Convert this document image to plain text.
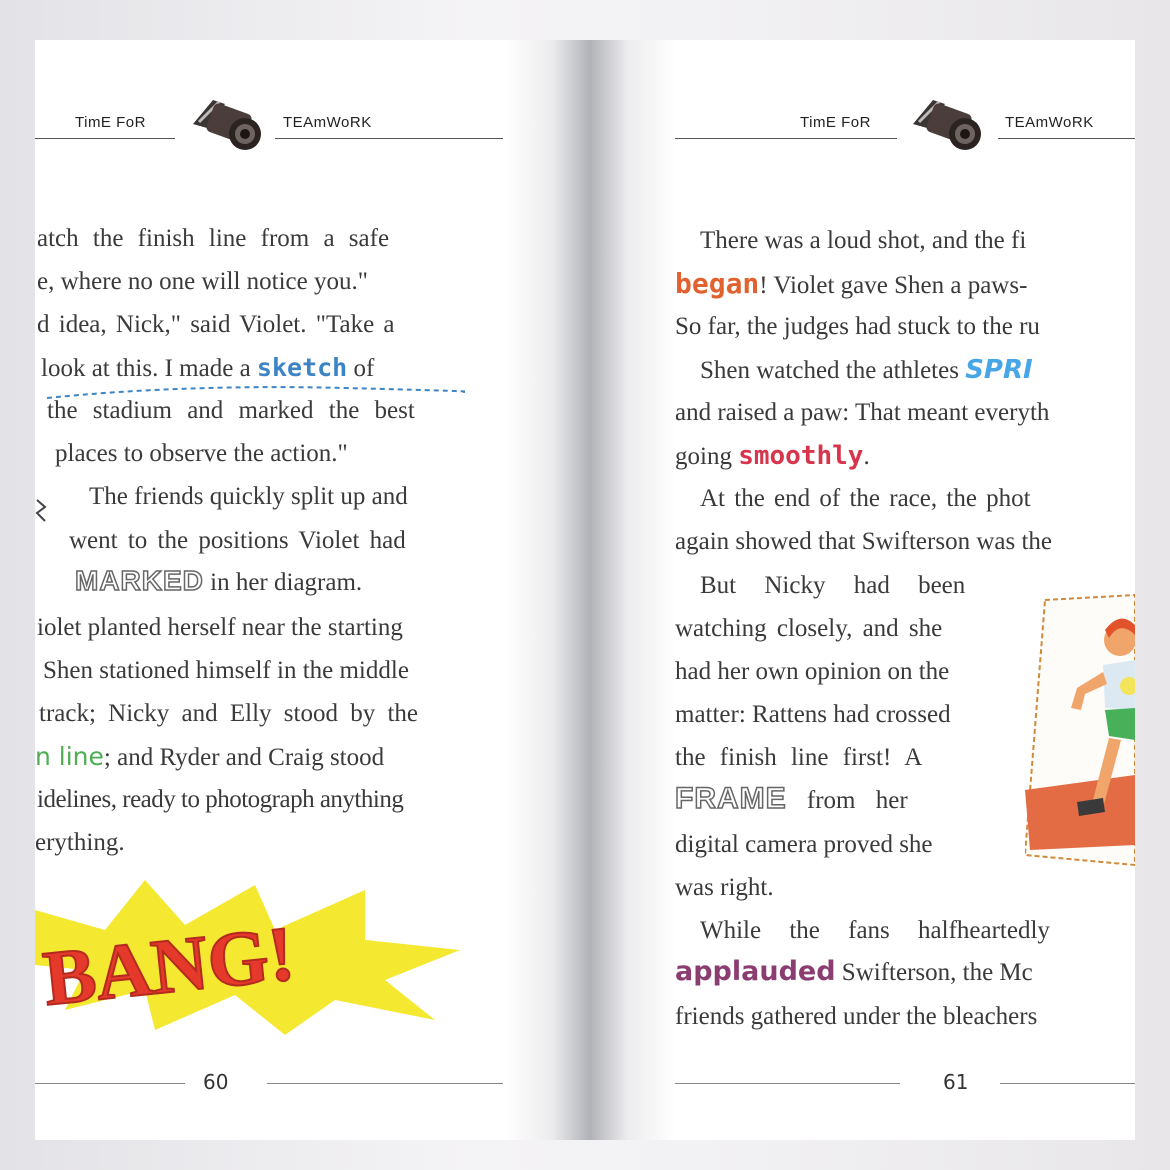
TimE FoR	TEAmWoRK
atch the finish line from a safe
e, where no one will notice you."
d idea, Nick," said Violet. "Take a
look at this. I made a sketch of
the stadium and marked the best
places to observe the action."
The friends quickly split up and
went to the positions Violet had
MARKED in her diagram.
iolet planted herself near the starting
Shen stationed himself in the middle
track; Nicky and Elly stood by the
n line; and Ryder and Craig stood
idelines, ready to photograph anything
erything.
BANG!
60
TimE FoR	TEAmWoRK
There was a loud shot, and the fi
began! Violet gave Shen a paws-
So far, the judges had stuck to the ru
Shen watched the athletes SPRI
and raised a paw: That meant everyth
going smoothly.
At the end of the race, the phot
again showed that Swifterson was the
But Nicky had been
watching closely, and she
had her own opinion on the
matter: Rattens had crossed
the finish line first! A
FRAME from her
digital camera proved she
was right.
While the fans halfheartedly
applauded Swifterson, the Mc
friends gathered under the bleachers
61
